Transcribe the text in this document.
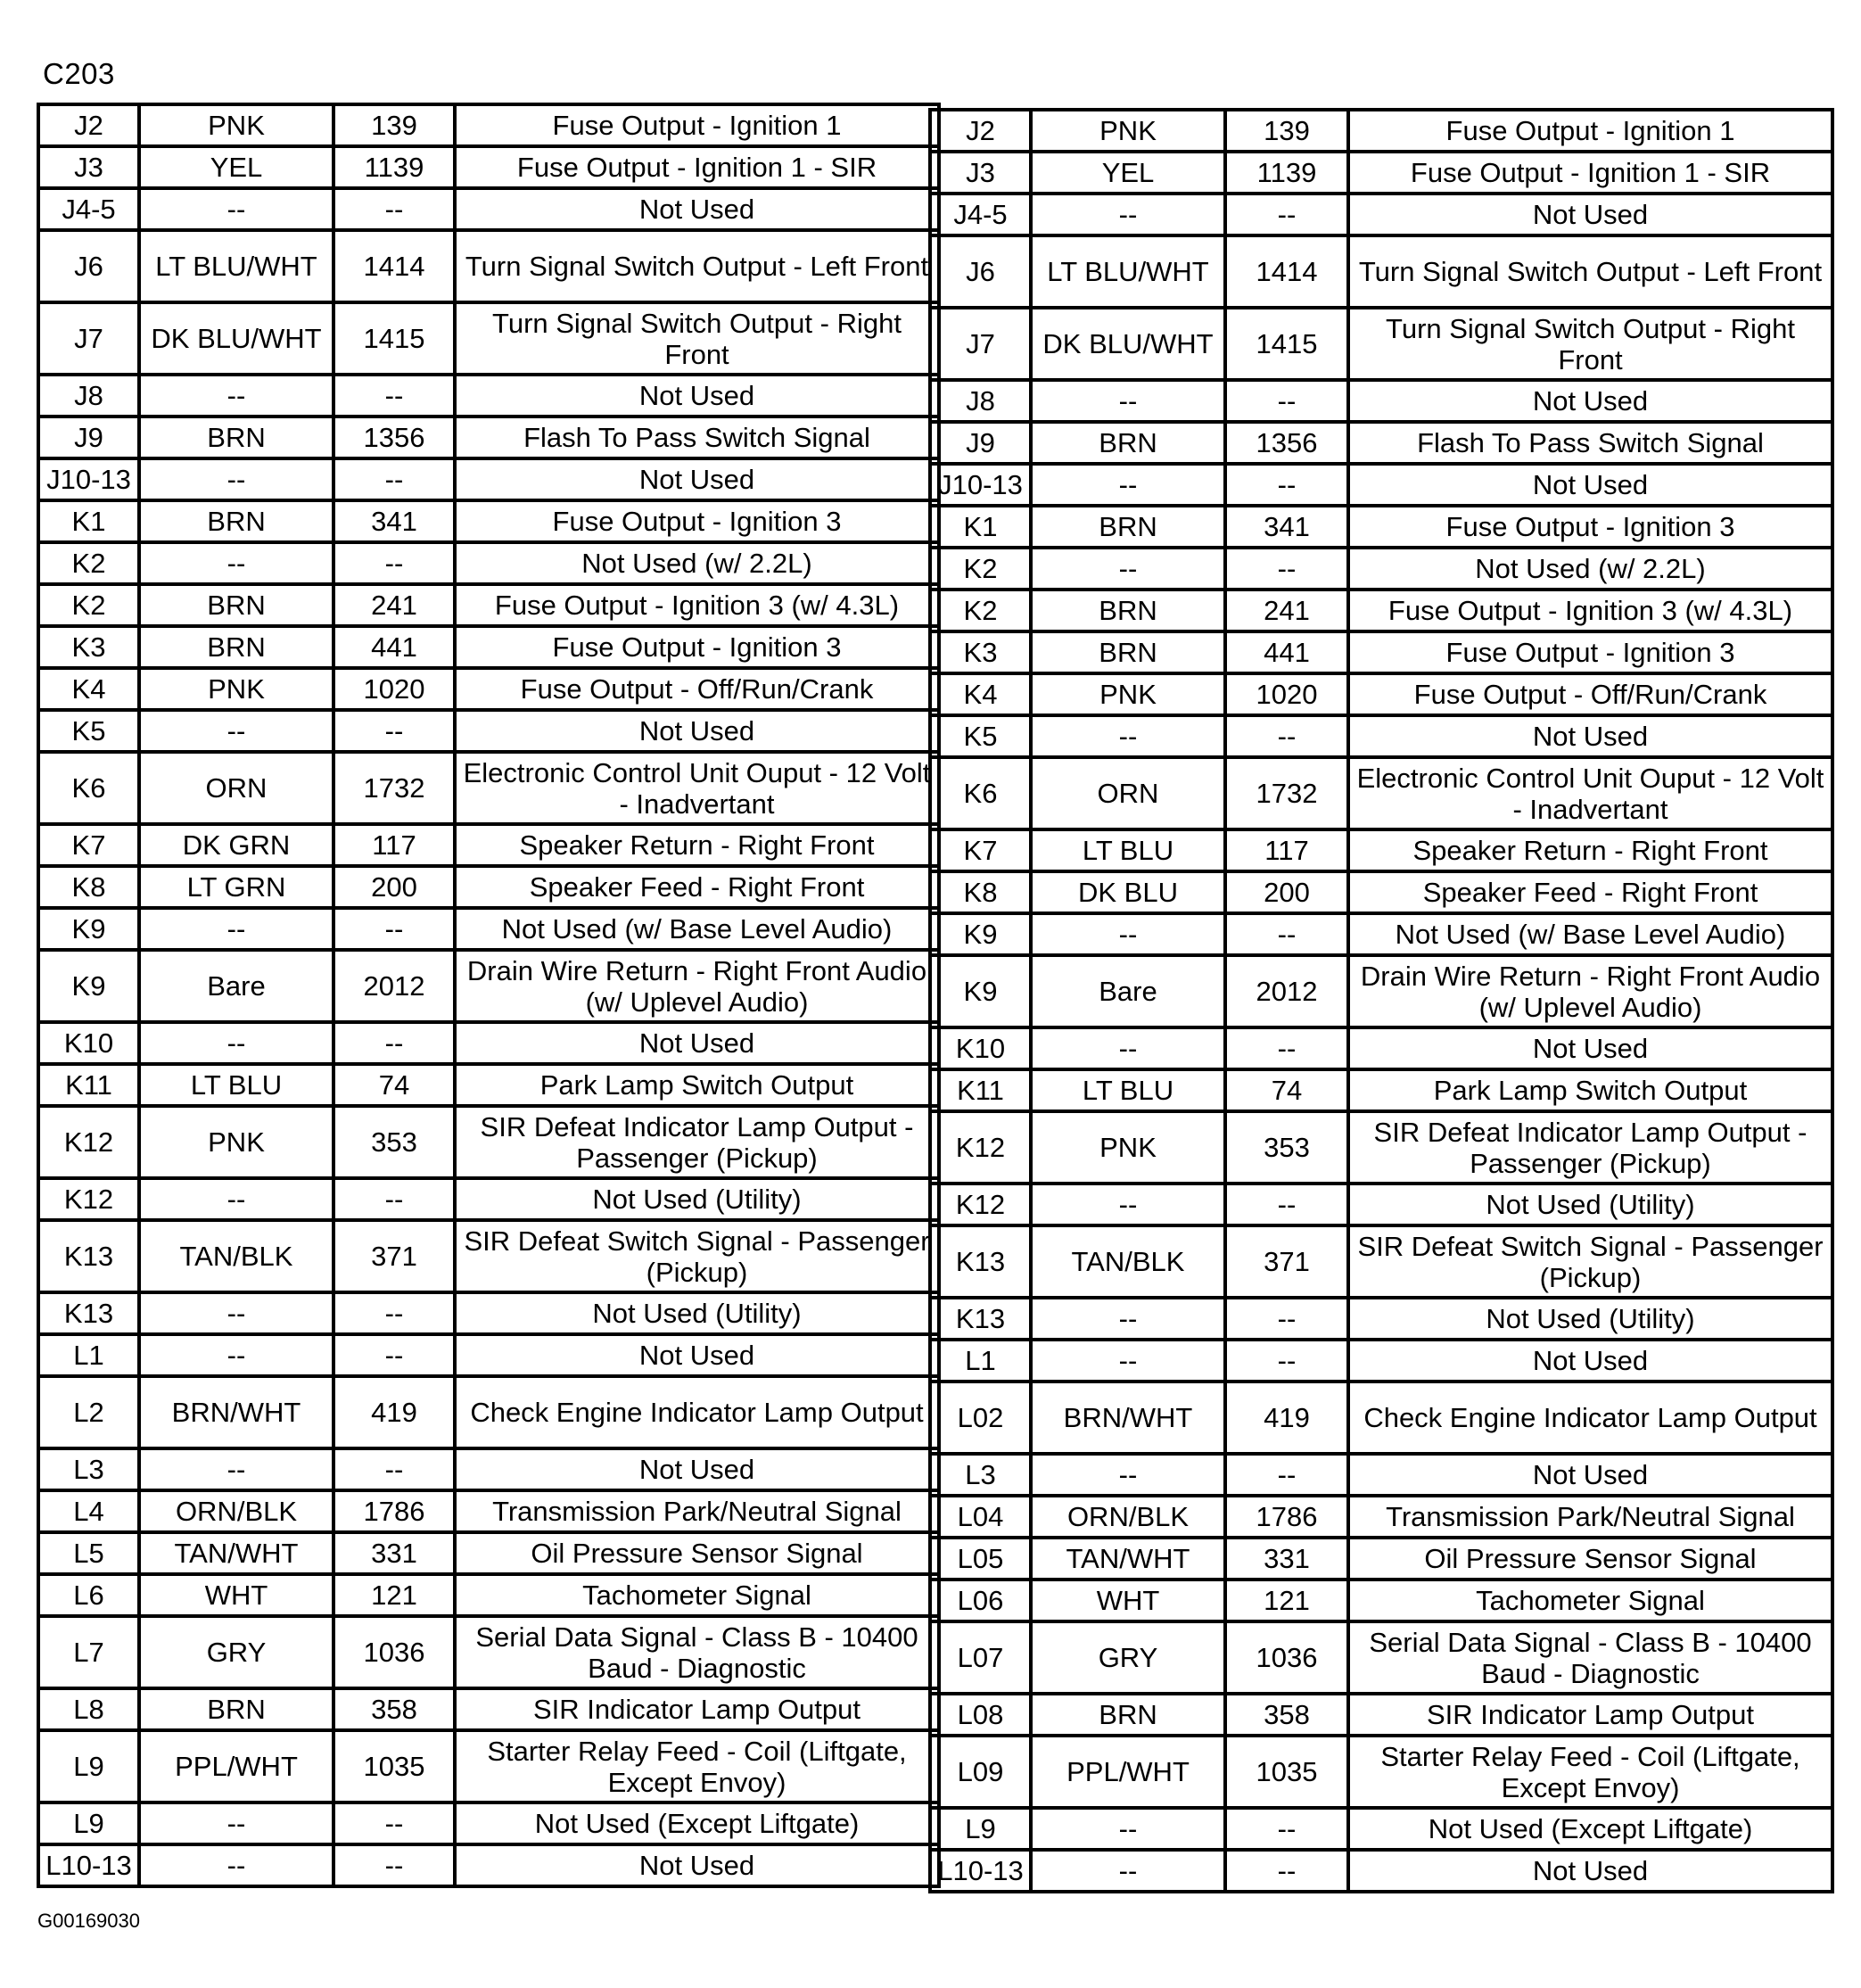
C203
J2	PNK	139	Fuse Output - Ignition 1
J3	YEL	1139	Fuse Output - Ignition 1 - SIR
J4-5	--	--	Not Used
J6	LT BLU/WHT	1414	Turn Signal Switch Output - Left Front
J7	DK BLU/WHT	1415	Turn Signal Switch Output - Right Front
J8	--	--	Not Used
J9	BRN	1356	Flash To Pass Switch Signal
J10-13	--	--	Not Used
K1	BRN	341	Fuse Output - Ignition 3
K2	--	--	Not Used (w/ 2.2L)
K2	BRN	241	Fuse Output - Ignition 3 (w/ 4.3L)
K3	BRN	441	Fuse Output - Ignition 3
K4	PNK	1020	Fuse Output - Off/Run/Crank
K5	--	--	Not Used
K6	ORN	1732	Electronic Control Unit Ouput - 12 Volt - Inadvertant
K7	DK GRN	117	Speaker Return - Right Front
K8	LT GRN	200	Speaker Feed - Right Front
K9	--	--	Not Used (w/ Base Level Audio)
K9	Bare	2012	Drain Wire Return - Right Front Audio (w/ Uplevel Audio)
K10	--	--	Not Used
K11	LT BLU	74	Park Lamp Switch Output
K12	PNK	353	SIR Defeat Indicator Lamp Output - Passenger (Pickup)
K12	--	--	Not Used (Utility)
K13	TAN/BLK	371	SIR Defeat Switch Signal - Passenger (Pickup)
K13	--	--	Not Used (Utility)
L1	--	--	Not Used
L2	BRN/WHT	419	Check Engine Indicator Lamp Output
L3	--	--	Not Used
L4	ORN/BLK	1786	Transmission Park/Neutral Signal
L5	TAN/WHT	331	Oil Pressure Sensor Signal
L6	WHT	121	Tachometer Signal
L7	GRY	1036	Serial Data Signal - Class B - 10400 Baud - Diagnostic
L8	BRN	358	SIR Indicator Lamp Output
L9	PPL/WHT	1035	Starter Relay Feed - Coil (Liftgate, Except Envoy)
L9	--	--	Not Used (Except Liftgate)
L10-13	--	--	Not Used
J2	PNK	139	Fuse Output - Ignition 1
J3	YEL	1139	Fuse Output - Ignition 1 - SIR
J4-5	--	--	Not Used
J6	LT BLU/WHT	1414	Turn Signal Switch Output - Left Front
J7	DK BLU/WHT	1415	Turn Signal Switch Output - Right Front
J8	--	--	Not Used
J9	BRN	1356	Flash To Pass Switch Signal
J10-13	--	--	Not Used
K1	BRN	341	Fuse Output - Ignition 3
K2	--	--	Not Used (w/ 2.2L)
K2	BRN	241	Fuse Output - Ignition 3 (w/ 4.3L)
K3	BRN	441	Fuse Output - Ignition 3
K4	PNK	1020	Fuse Output - Off/Run/Crank
K5	--	--	Not Used
K6	ORN	1732	Electronic Control Unit Ouput - 12 Volt - Inadvertant
K7	LT BLU	117	Speaker Return - Right Front
K8	DK BLU	200	Speaker Feed - Right Front
K9	--	--	Not Used (w/ Base Level Audio)
K9	Bare	2012	Drain Wire Return - Right Front Audio (w/ Uplevel Audio)
K10	--	--	Not Used
K11	LT BLU	74	Park Lamp Switch Output
K12	PNK	353	SIR Defeat Indicator Lamp Output - Passenger (Pickup)
K12	--	--	Not Used (Utility)
K13	TAN/BLK	371	SIR Defeat Switch Signal - Passenger (Pickup)
K13	--	--	Not Used (Utility)
L1	--	--	Not Used
L02	BRN/WHT	419	Check Engine Indicator Lamp Output
L3	--	--	Not Used
L04	ORN/BLK	1786	Transmission Park/Neutral Signal
L05	TAN/WHT	331	Oil Pressure Sensor Signal
L06	WHT	121	Tachometer Signal
L07	GRY	1036	Serial Data Signal - Class B - 10400 Baud - Diagnostic
L08	BRN	358	SIR Indicator Lamp Output
L09	PPL/WHT	1035	Starter Relay Feed - Coil (Liftgate, Except Envoy)
L9	--	--	Not Used (Except Liftgate)
L10-13	--	--	Not Used
G00169030
